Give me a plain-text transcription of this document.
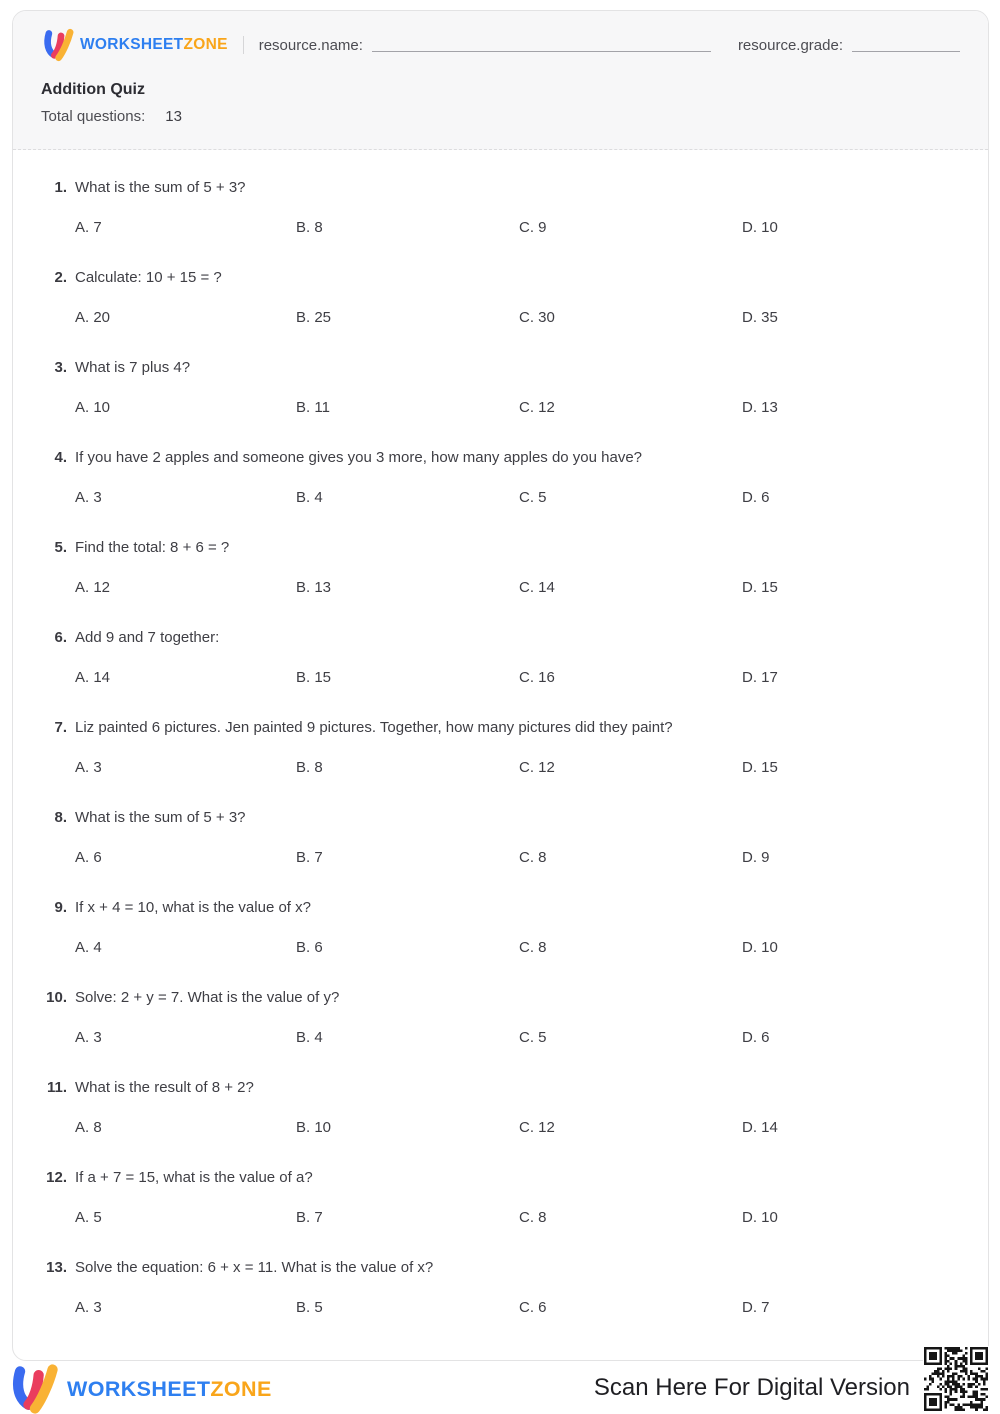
WORKSHEETZONE resource.name:	resource.grade:
Addition Quiz
Total questions: 13
1. What is the sum of 5 + 3?
A. 7	B. 8	C. 9	D. 10
2. Calculate: 10 + 15 = ?
A. 20	B. 25	C. 30	D. 35
3. What is 7 plus 4?
A. 10	B. 11	C. 12	D. 13
4. If you have 2 apples and someone gives you 3 more, how many apples do you have?
A. 3	B. 4	C. 5	D. 6
5. Find the total: 8 + 6 = ?
A. 12	B. 13	C. 14	D. 15
6. Add 9 and 7 together:
A. 14	B. 15	C. 16	D. 17
7. Liz painted 6 pictures. Jen painted 9 pictures. Together, how many pictures did they paint?
A. 3	B. 8	C. 12	D. 15
8. What is the sum of 5 + 3?
A. 6	B. 7	C. 8	D. 9
9. If x + 4 = 10, what is the value of x?
A. 4	B. 6	C. 8	D. 10
10. Solve: 2 + y = 7. What is the value of y?
A. 3	B. 4	C. 5	D. 6
11. What is the result of 8 + 2?
A. 8	B. 10	C. 12	D. 14
12. If a + 7 = 15, what is the value of a?
A. 5	B. 7	C. 8	D. 10
13. Solve the equation: 6 + x = 11. What is the value of x?
A. 3	B. 5	C. 6	D. 7
WORKSHEETZONE	Scan Here For Digital Version
